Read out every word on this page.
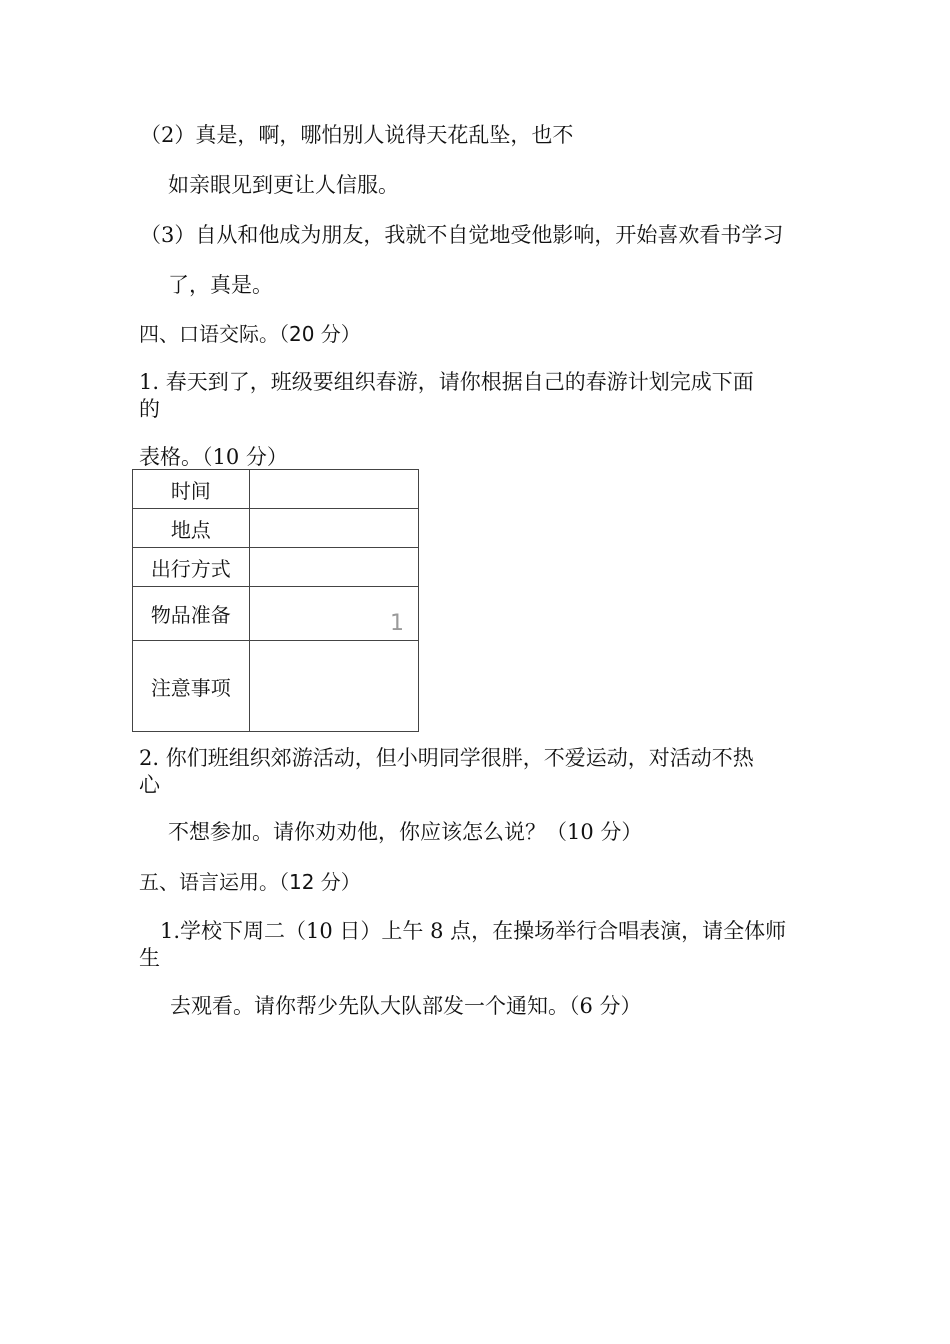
（2）真是，啊，哪怕别人说得天花乱坠，也不

如亲眼见到更让人信服。

（3）自从和他成为朋友，我就不自觉地受他影响，开始喜欢看书学习

了，真是。

四、口语交际。（20 分）

1. 春天到了，班级要组织春游，请你根据自己的春游计划完成下面

的

表格。（10 分）

时间	
地点	
出行方式	
物品准备	1

注意事项	

2. 你们班组织郊游活动，但小明同学很胖，不爱运动，对活动不热

心

不想参加。请你劝劝他，你应该怎么说？（10 分）

五、语言运用。（12 分）

1.学校下周二（10 日）上午 8 点，在操场举行合唱表演，请全体师

生

去观看。请你帮少先队大队部发一个通知。（6 分）
